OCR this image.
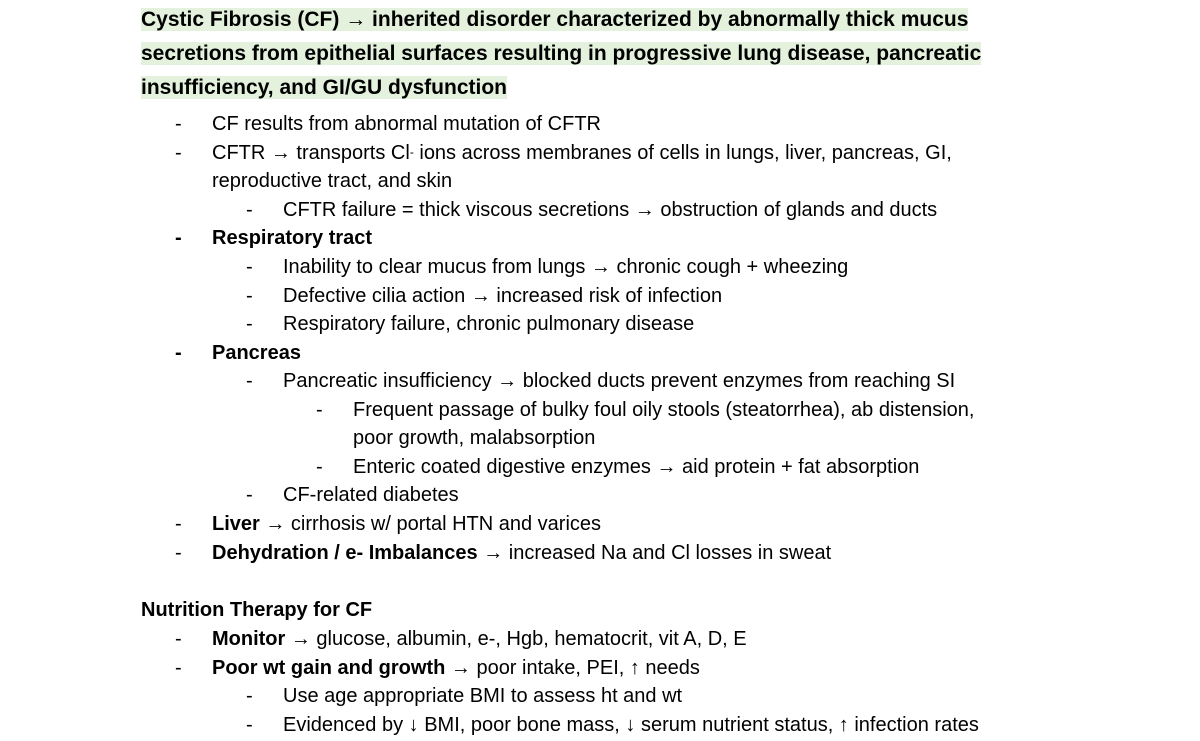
Cystic Fibrosis (CF) → inherited disorder characterized by abnormally thick mucus
secretions from epithelial surfaces resulting in progressive lung disease, pancreatic
insufficiency, and GI/GU dysfunction
- CF results from abnormal mutation of CFTR
- CFTR → transports Cl- ions across membranes of cells in lungs, liver, pancreas, GI,
reproductive tract, and skin
- CFTR failure = thick viscous secretions → obstruction of glands and ducts
- Respiratory tract
- Inability to clear mucus from lungs → chronic cough + wheezing
- Defective cilia action → increased risk of infection
- Respiratory failure, chronic pulmonary disease
- Pancreas
- Pancreatic insufficiency → blocked ducts prevent enzymes from reaching SI
- Frequent passage of bulky foul oily stools (steatorrhea), ab distension,
poor growth, malabsorption
- Enteric coated digestive enzymes → aid protein + fat absorption
- CF-related diabetes
- Liver → cirrhosis w/ portal HTN and varices
- Dehydration / e- Imbalances → increased Na and Cl losses in sweat
Nutrition Therapy for CF
- Monitor → glucose, albumin, e-, Hgb, hematocrit, vit A, D, E
- Poor wt gain and growth → poor intake, PEI, ↑ needs
- Use age appropriate BMI to assess ht and wt
- Evidenced by ↓ BMI, poor bone mass, ↓ serum nutrient status, ↑ infection rates
